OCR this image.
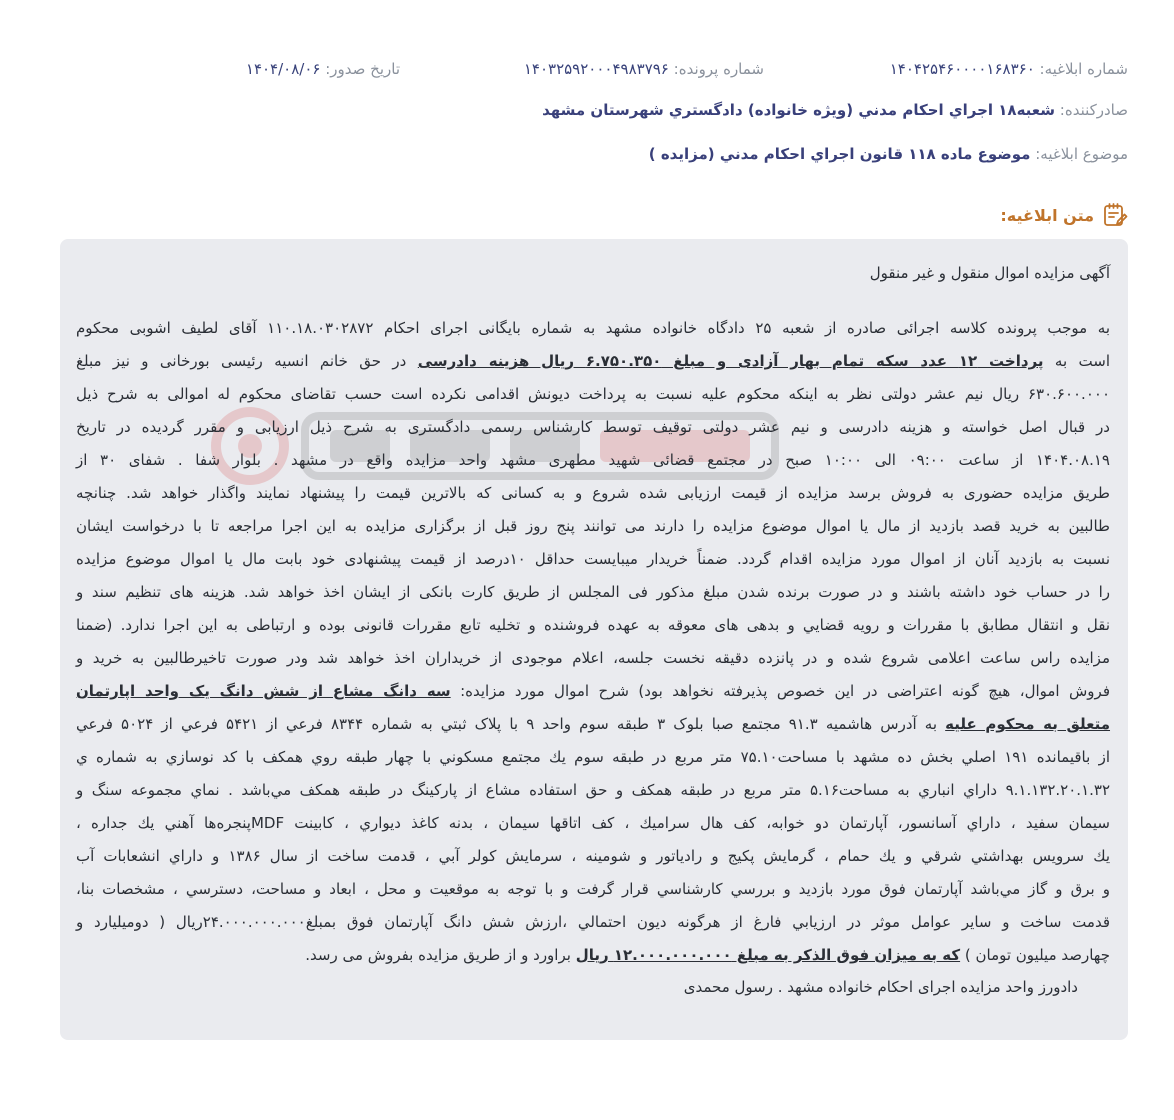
شماره ابلاغیه: ۱۴۰۴۲۵۴۶۰۰۰۰۱۶۸۳۶۰
شماره پرونده: ۱۴۰۳۲۵۹۲۰۰۰۴۹۸۳۷۹۶
تاریخ صدور: ۱۴۰۴/۰۸/۰۶
صادرکننده: شعبه۱۸ اجراي احكام مدني (ويژه خانواده) دادگستري شهرستان مشهد
موضوع ابلاغیه: موضوع ماده ۱۱۸ قانون اجراي احكام مدني (مزايده )
متن ابلاغیه:
آگهی مزایده اموال منقول و غیر منقول
به موجب پرونده کلاسه اجرائی صادره از شعبه ۲۵ دادگاه خانواده مشهد به شماره بایگانی اجرای احکام ۱۱۰.۱۸.۰۳۰۲۸۷۲ آقای لطیف اشوبی محکوم
است به پرداخت ۱۲ عدد سکه تمام بهار آزادی و مبلغ ۶.۷۵۰.۳۵۰ ریال هزینه دادرسی در حق خانم انسیه رئیسی بورخانی و نیز مبلغ
۶۳۰.۶۰۰.۰۰۰ ریال نیم عشر دولتی نظر به اینکه محکوم علیه نسبت به پرداخت دیونش اقدامی نکرده است حسب تقاضای محکوم له اموالی به شرح ذیل
در قبال اصل خواسته و هزینه دادرسی و نیم عشر دولتی توقیف توسط کارشناس رسمی دادگستری به شرح ذیل ارزیابی و مقرر گردیده در تاریخ
۱۴۰۴.۰۸.۱۹ از ساعت ۰۹:۰۰ الی ۱۰:۰۰ صبح در مجتمع قضائی شهید مطهری مشهد واحد مزایده واقع در مشهد . بلوار شفا . شفای ۳۰ از
طریق مزایده حضوری به فروش برسد مزایده از قیمت ارزیابی شده شروع و به کسانی که بالاترین قیمت را پیشنهاد نمایند واگذار خواهد شد. چنانچه
طالبین به خرید قصد بازدید از مال یا اموال موضوع مزایده را دارند می توانند پنج روز قبل از برگزاری مزایده به این اجرا مراجعه تا با درخواست ایشان
نسبت به بازدید آنان از اموال مورد مزایده اقدام گردد. ضمناً خریدار میبایست حداقل ۱۰درصد از قیمت پیشنهادی خود بابت مال یا اموال موضوع مزایده
را در حساب خود داشته باشند و در صورت برنده شدن مبلغ مذکور فی المجلس از طریق کارت بانکی از ایشان اخذ خواهد شد. هزینه های تنظیم سند و
نقل و انتقال مطابق با مقررات و رویه قضايي و بدهی های معوقه به عهده فروشنده و تخلیه تابع مقررات قانونی بوده و ارتباطی به این اجرا ندارد. (ضمنا
مزایده راس ساعت اعلامی شروع شده و در پانزده دقیقه نخست جلسه، اعلام موجودی از خریداران اخذ خواهد شد ودر صورت تاخیرطالبین به خرید و
فروش اموال، هیچ گونه اعتراضی در این خصوص پذیرفته نخواهد بود) شرح اموال مورد مزایده: سه دانگ مشاع از شش دانگ یک واحد اپارتمان
متعلق به محکوم علیه به آدرس هاشمیه ۹۱.۳ مجتمع صبا بلوک ۳ طبقه سوم واحد ۹ با پلاک ثبتي به شماره ۸۳۴۴ فرعي از ۵۴۲۱ فرعي از ۵۰۲۴ فرعي
از باقيمانده ۱۹۱ اصلي بخش ده مشهد با مساحت۷۵.۱۰ متر مربع در طبقه سوم يك مجتمع مسكوني با چهار طبقه روي همكف با كد نوسازي به شماره ي
۹.۱.۱۳۲.۲۰.۱.۳۲ داراي انباري به مساحت۵.۱۶ متر مربع در طبقه همكف و حق استفاده مشاع از پاركينگ در طبقه همكف مي‌باشد . نماي مجموعه سنگ و
سيمان سفيد ، داراي آسانسور، آپارتمان دو خوابه، كف هال سراميك ، كف اتاقها سيمان ، بدنه كاغذ ديواري ، كابينت MDFپنجره‌ها آهني يك جداره ،
يك سرويس بهداشتي شرقي و يك حمام ، گرمايش پكيج و رادياتور و شومينه ، سرمايش كولر آبي ، قدمت ساخت از سال ۱۳۸۶ و داراي انشعابات آب
و برق و گاز مي‌باشد آپارتمان فوق مورد بازديد و بررسي كارشناسي قرار گرفت و با توجه به موقعيت و محل ، ابعاد و مساحت، دسترسي ، مشخصات بنا،
قدمت ساخت و ساير عوامل موثر در ارزيابي فارغ از هرگونه ديون احتمالي ،ارزش شش دانگ آپارتمان فوق بمبلغ۲۴.۰۰۰.۰۰۰.۰۰۰ريال ( دوميليارد و
چهارصد میلیون تومان ) که به میزان فوق الذکر به مبلغ ۱۲.۰۰۰.۰۰۰.۰۰۰ ریال براورد و از طریق مزایده بفروش می رسد.
دادورز واحد مزایده اجرای احکام خانواده مشهد . رسول محمدی
